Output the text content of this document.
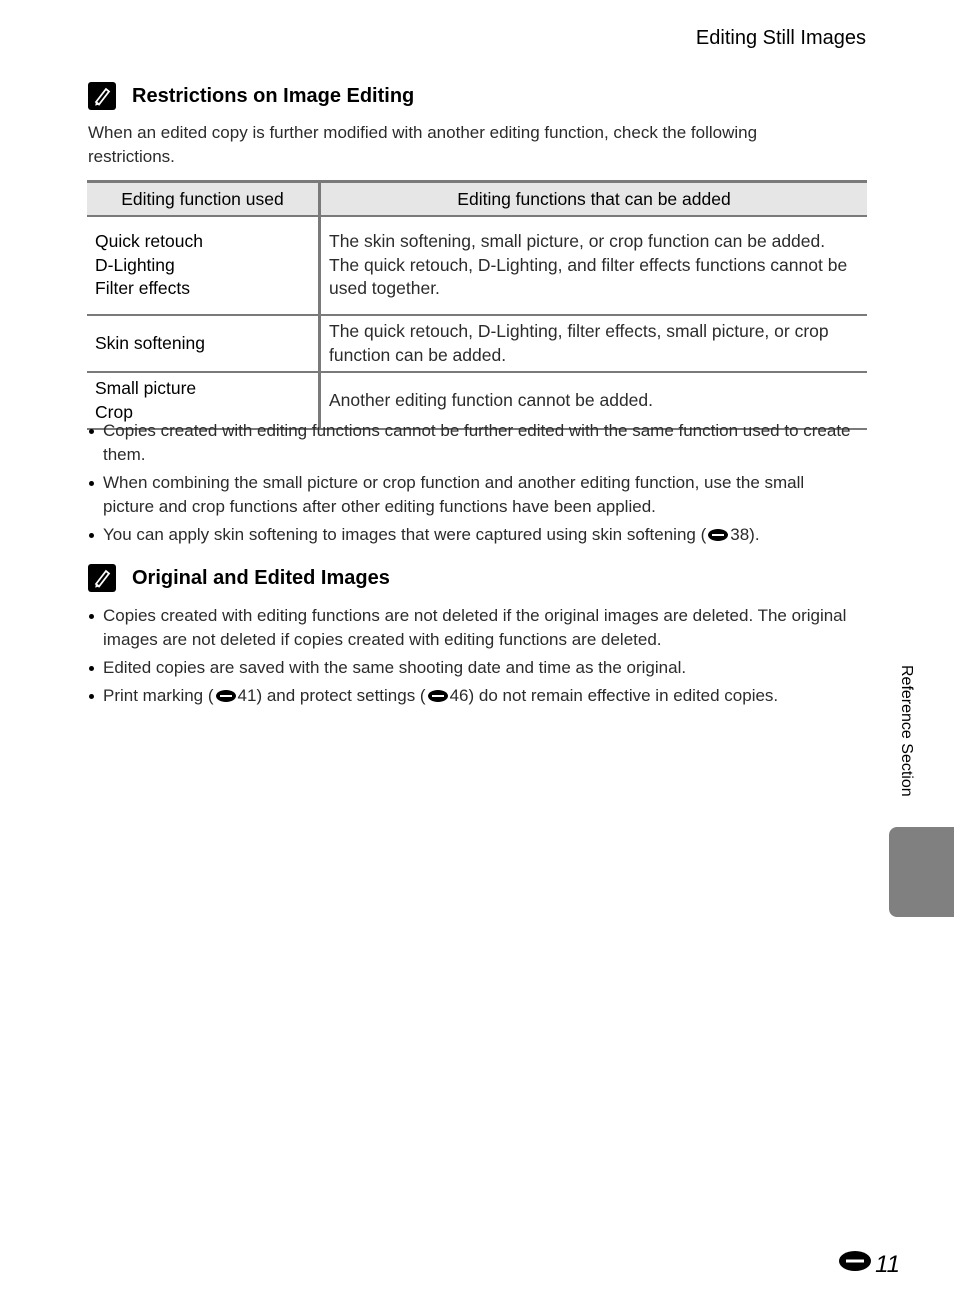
Editing Still Images
Restrictions on Image Editing
When an edited copy is further modified with another editing function, check the following restrictions.
Editing function used	Editing functions that can be added

Quick retouch
D-Lighting
Filter effects	The skin softening, small picture, or crop function can be added. The quick retouch, D-Lighting, and filter effects functions cannot be used together.

Skin softening	The quick retouch, D-Lighting, filter effects, small picture, or crop function can be added.

Small picture
Crop	Another editing function cannot be added.
Copies created with editing functions cannot be further edited with the same function used to create them.
When combining the small picture or crop function and another editing function, use the small picture and crop functions after other editing functions have been applied.
You can apply skin softening to images that were captured using skin softening ( 38).
Original and Edited Images
Copies created with editing functions are not deleted if the original images are deleted. The original images are not deleted if copies created with editing functions are deleted.
Edited copies are saved with the same shooting date and time as the original.
Print marking ( 41) and protect settings ( 46) do not remain effective in edited copies.	Reference Section
11
